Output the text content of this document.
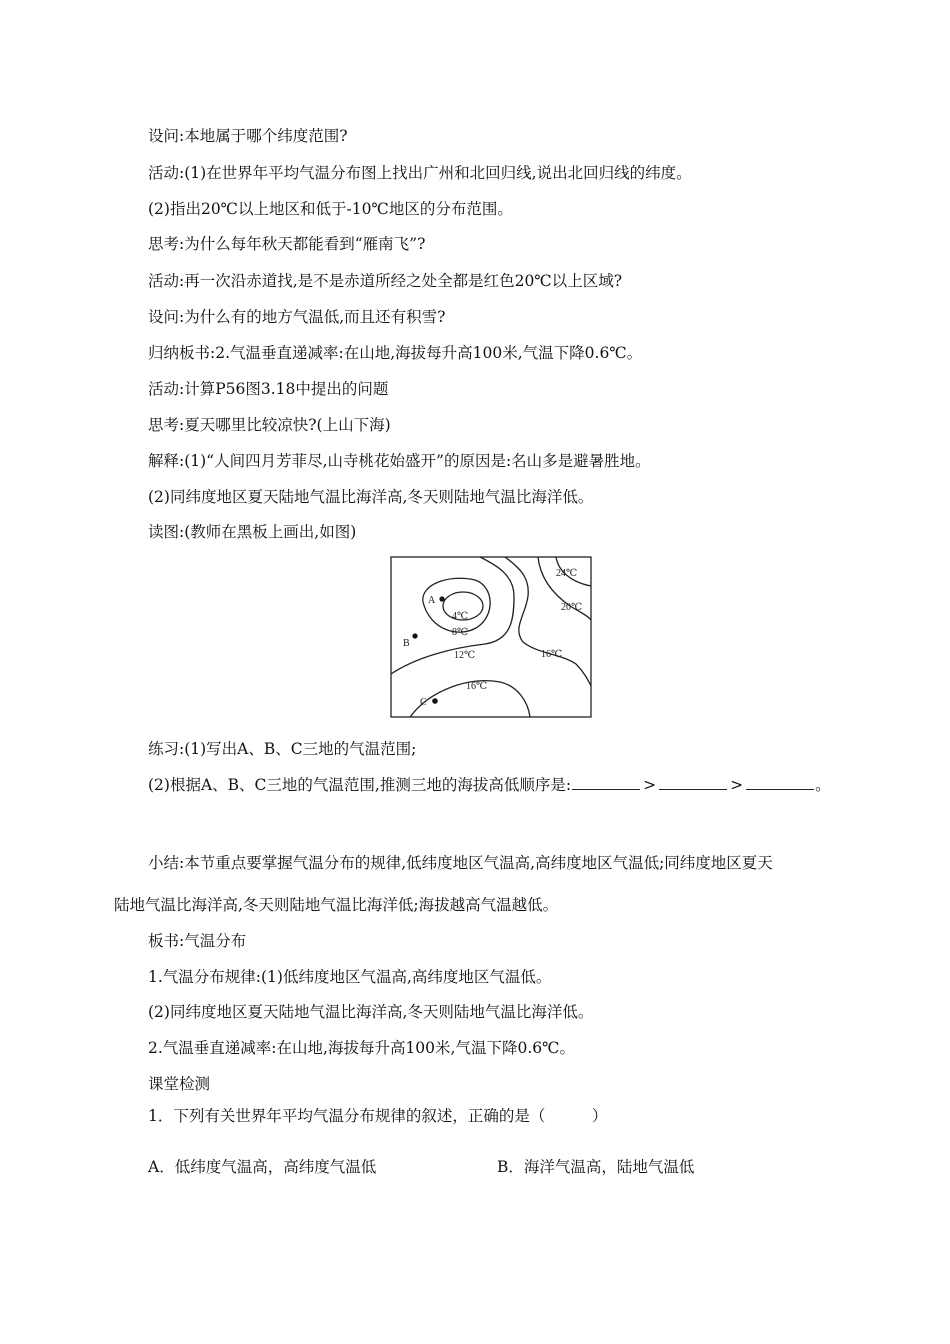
设问:本地属于哪个纬度范围?
活动:(1)在世界年平均气温分布图上找出广州和北回归线,说出北回归线的纬度。
(2)指出20℃以上地区和低于-10℃地区的分布范围。
思考:为什么每年秋天都能看到“雁南飞”?
活动:再一次沿赤道找,是不是赤道所经之处全都是红色20℃以上区域?
设问:为什么有的地方气温低,而且还有积雪?
归纳板书:2.气温垂直递减率:在山地,海拔每升高100米,气温下降0.6℃。
活动:计算P56图3.18中提出的问题
思考:夏天哪里比较凉快?(上山下海)
解释:(1)“人间四月芳菲尽,山寺桃花始盛开”的原因是:名山多是避暑胜地。
(2)同纬度地区夏天陆地气温比海洋高,冬天则陆地气温比海洋低。
读图:(教师在黑板上画出,如图)
A
B
C
4℃
8℃
12℃	16℃
16℃
20℃
24℃
练习:(1)写出A、B、C三地的气温范围;
(2)根据A、B、C三地的气温范围,推测三地的海拔高低顺序是:	>	>	。
小结:本节重点要掌握气温分布的规律,低纬度地区气温高,高纬度地区气温低;同纬度地区夏天
陆地气温比海洋高,冬天则陆地气温比海洋低;海拔越高气温越低。
板书:气温分布
1.气温分布规律:(1)低纬度地区气温高,高纬度地区气温低。
(2)同纬度地区夏天陆地气温比海洋高,冬天则陆地气温比海洋低。
2.气温垂直递减率:在山地,海拔每升高100米,气温下降0.6℃。
课堂检测
1．下列有关世界年平均气温分布规律的叙述，正确的是（　　　）
A．低纬度气温高，高纬度气温低	B．海洋气温高，陆地气温低
